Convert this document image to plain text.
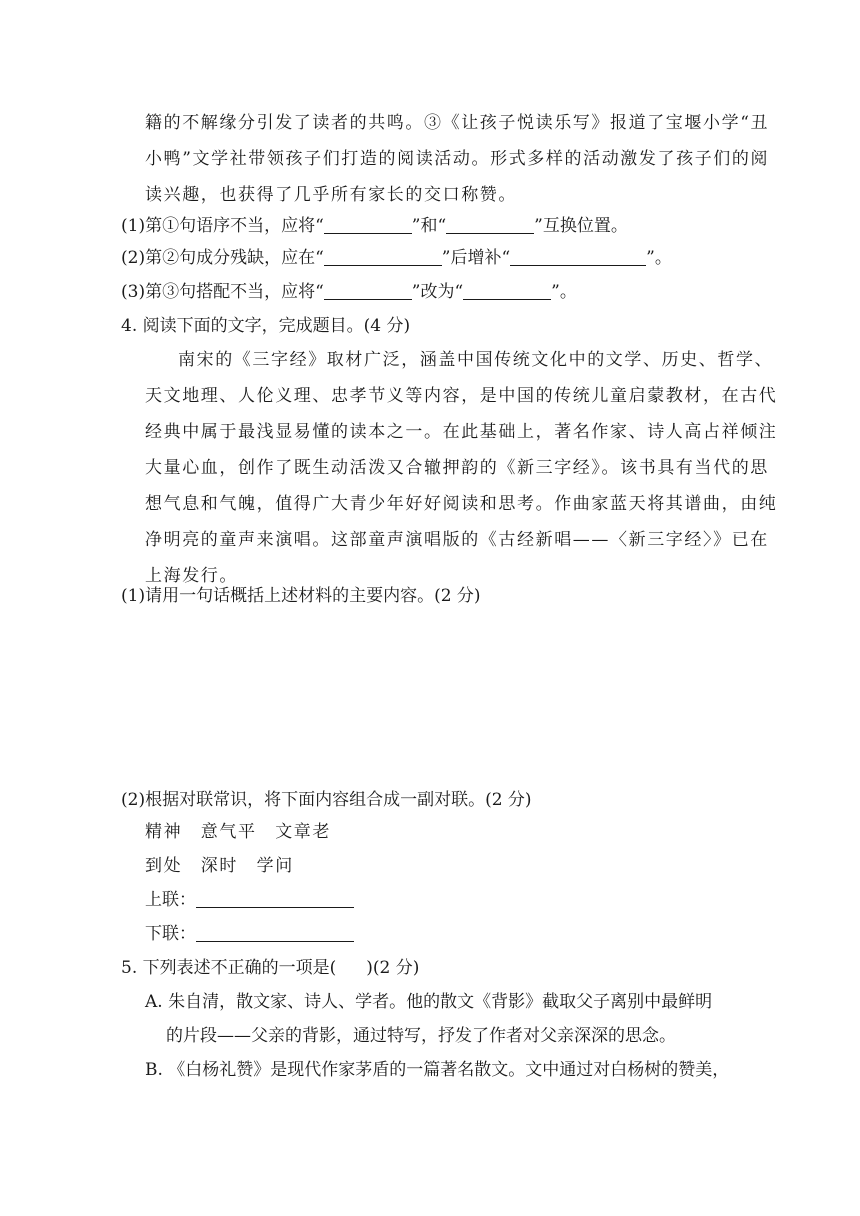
籍的不解缘分引发了读者的共鸣。③《让孩子悦读乐写》报道了宝堰小学“丑
小鸭”文学社带领孩子们打造的阅读活动。形式多样的活动激发了孩子们的阅
读兴趣，也获得了几乎所有家长的交口称赞。
(1)第①句语序不当，应将“	”和“	”互换位置。
(2)第②句成分残缺，应在“	”后增补“	”。
(3)第③句搭配不当，应将“	”改为“	”。
4. 阅读下面的文字，完成题目。(4 分)
南宋的《三字经》取材广泛，涵盖中国传统文化中的文学、历史、哲学、
天文地理、人伦义理、忠孝节义等内容，是中国的传统儿童启蒙教材，在古代
经典中属于最浅显易懂的读本之一。在此基础上，著名作家、诗人高占祥倾注
大量心血，创作了既生动活泼又合辙押韵的《新三字经》。该书具有当代的思
想气息和气魄，值得广大青少年好好阅读和思考。作曲家蓝天将其谱曲，由纯
净明亮的童声来演唱。这部童声演唱版的《古经新唱——〈新三字经〉》已在
上海发行。
(1)请用一句话概括上述材料的主要内容。(2 分)
(2)根据对联常识，将下面内容组合成一副对联。(2 分)
精神　意气平　文章老
到处　深时　学问
上联：
下联：
5. 下列表述不正确的一项是( )(2 分)
A. 朱自清，散文家、诗人、学者。他的散文《背影》截取父子离别中最鲜明
的片段——父亲的背影，通过特写，抒发了作者对父亲深深的思念。
B. 《白杨礼赞》是现代作家茅盾的一篇著名散文。文中通过对白杨树的赞美，
